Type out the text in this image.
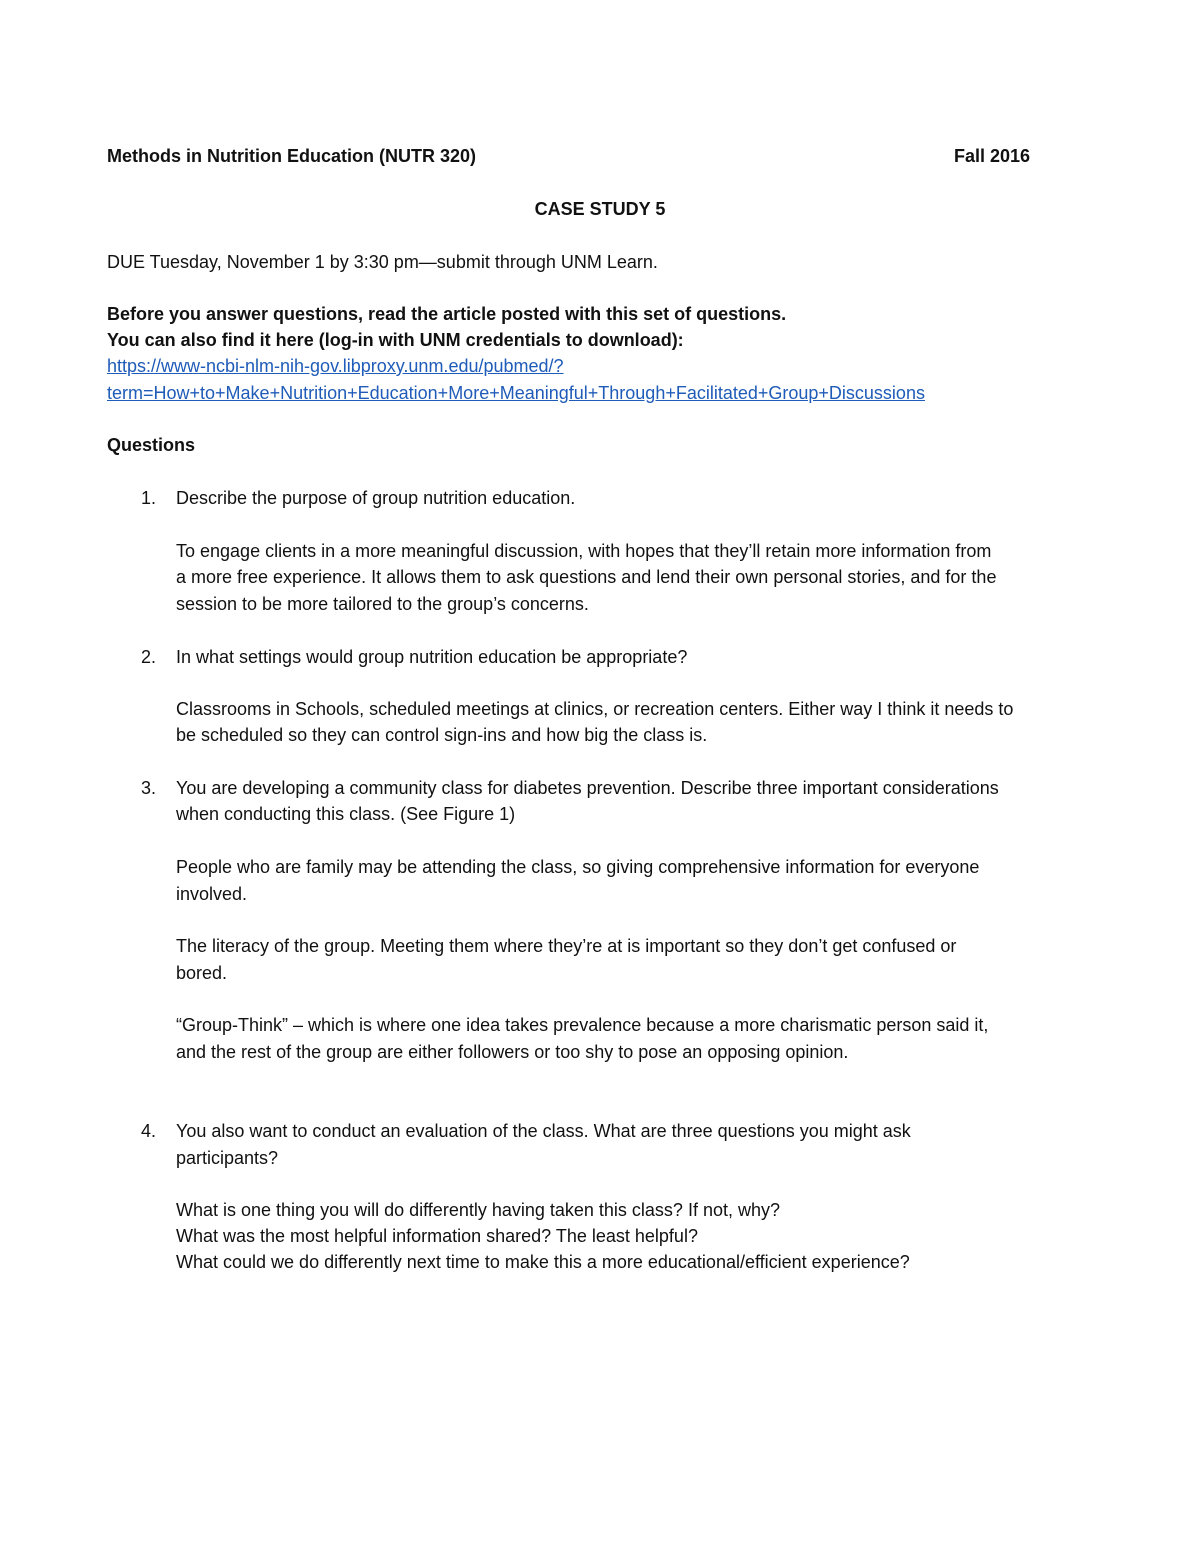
Methods in Nutrition Education (NUTR 320)	Fall 2016
CASE STUDY 5
DUE Tuesday, November 1 by 3:30 pm—submit through UNM Learn.
Before you answer questions, read the article posted with this set of questions.
You can also find it here (log-in with UNM credentials to download):
https://www-ncbi-nlm-nih-gov.libproxy.unm.edu/pubmed/?
term=How+to+Make+Nutrition+Education+More+Meaningful+Through+Facilitated+Group+Discussions
Questions
1. Describe the purpose of group nutrition education.
To engage clients in a more meaningful discussion, with hopes that they’ll retain more information from
a more free experience. It allows them to ask questions and lend their own personal stories, and for the
session to be more tailored to the group’s concerns.
2. In what settings would group nutrition education be appropriate?
Classrooms in Schools, scheduled meetings at clinics, or recreation centers. Either way I think it needs to
be scheduled so they can control sign-ins and how big the class is.
3. You are developing a community class for diabetes prevention. Describe three important considerations
when conducting this class. (See Figure 1)
People who are family may be attending the class, so giving comprehensive information for everyone
involved.
The literacy of the group. Meeting them where they’re at is important so they don’t get confused or
bored.
“Group-Think” – which is where one idea takes prevalence because a more charismatic person said it,
and the rest of the group are either followers or too shy to pose an opposing opinion.
4. You also want to conduct an evaluation of the class. What are three questions you might ask
participants?
What is one thing you will do differently having taken this class? If not, why?
What was the most helpful information shared? The least helpful?
What could we do differently next time to make this a more educational/efficient experience?
